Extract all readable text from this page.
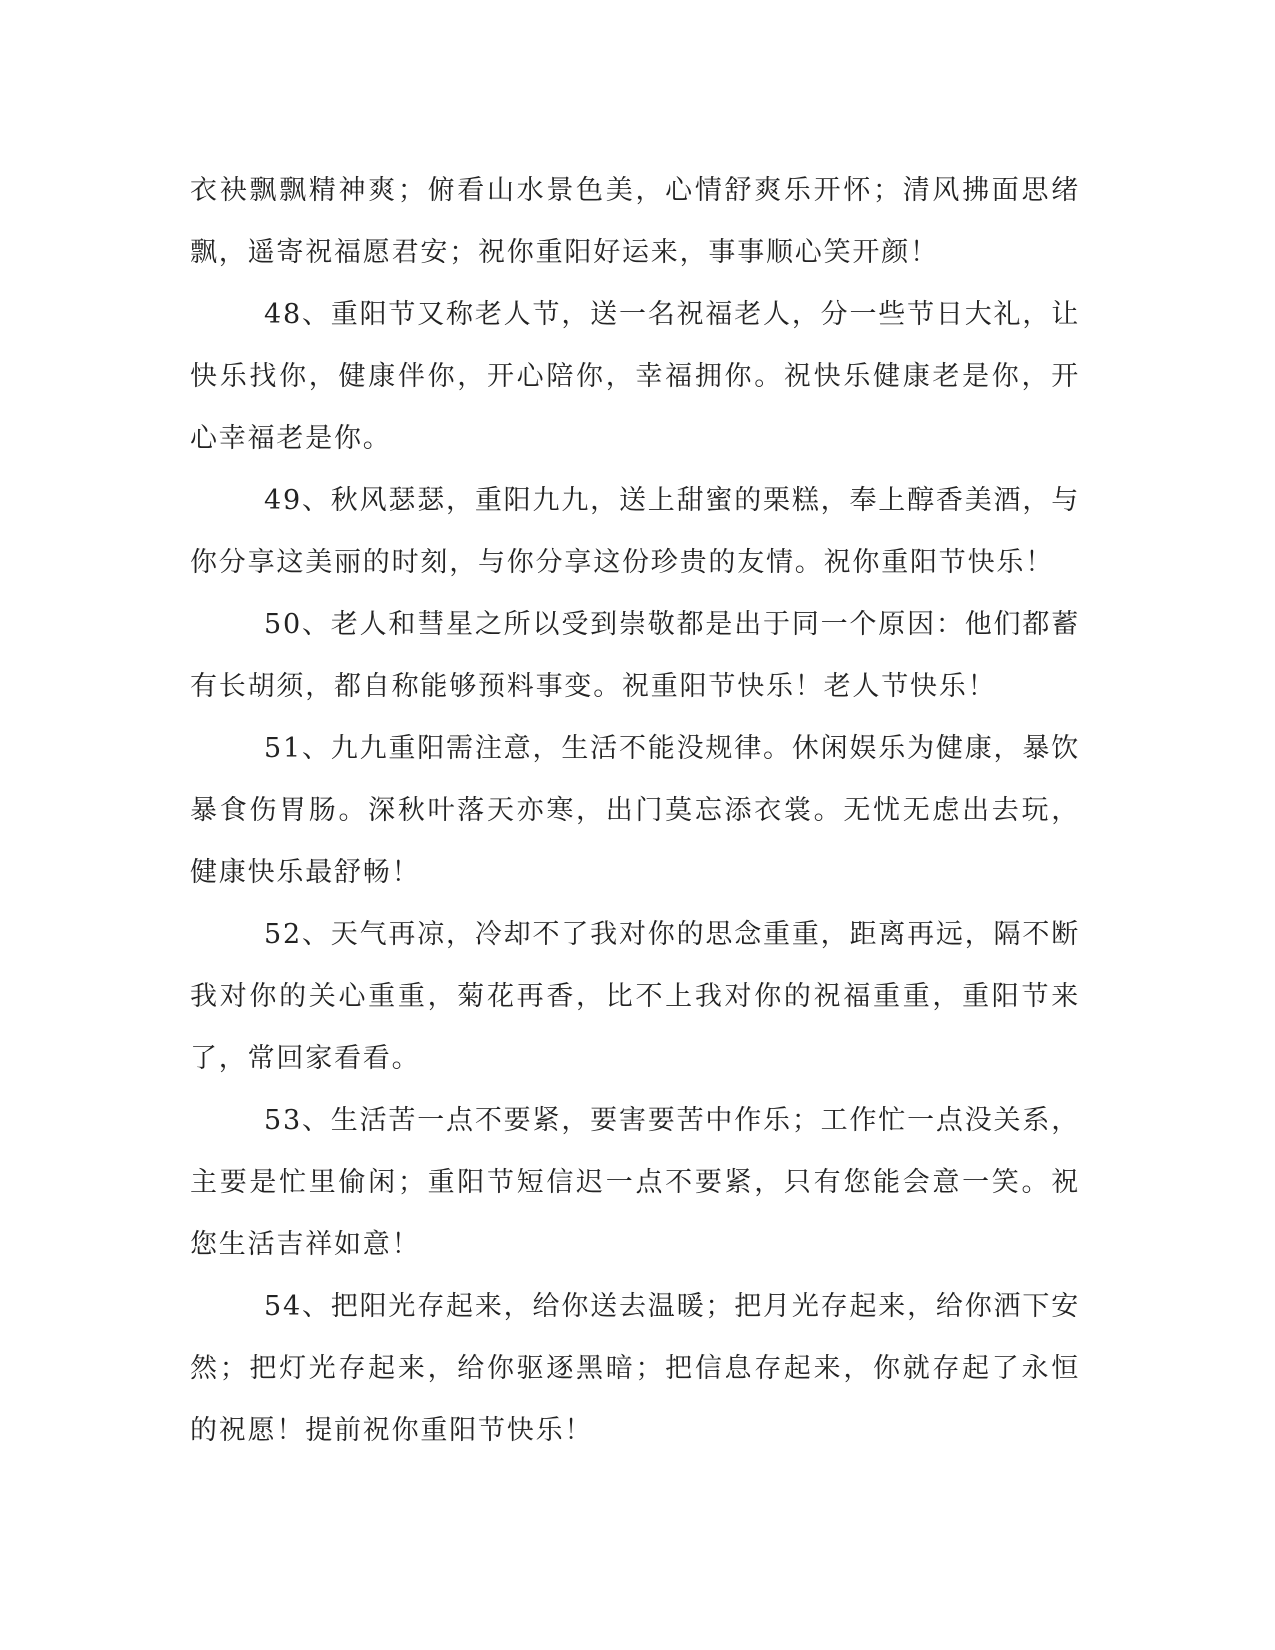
衣袂飘飘精神爽；俯看山水景色美，心情舒爽乐开怀；清风拂面思绪飘，遥寄祝福愿君安；祝你重阳好运来，事事顺心笑开颜！

48、重阳节又称老人节，送一名祝福老人，分一些节日大礼，让快乐找你，健康伴你，开心陪你，幸福拥你。祝快乐健康老是你，开心幸福老是你。

49、秋风瑟瑟，重阳九九，送上甜蜜的栗糕，奉上醇香美酒，与你分享这美丽的时刻，与你分享这份珍贵的友情。祝你重阳节快乐！

50、老人和彗星之所以受到崇敬都是出于同一个原因：他们都蓄有长胡须，都自称能够预料事变。祝重阳节快乐！老人节快乐！

51、九九重阳需注意，生活不能没规律。休闲娱乐为健康，暴饮暴食伤胃肠。深秋叶落天亦寒，出门莫忘添衣裳。无忧无虑出去玩，健康快乐最舒畅！

52、天气再凉，冷却不了我对你的思念重重，距离再远，隔不断我对你的关心重重，菊花再香，比不上我对你的祝福重重，重阳节来了，常回家看看。

53、生活苦一点不要紧，要害要苦中作乐；工作忙一点没关系，主要是忙里偷闲；重阳节短信迟一点不要紧，只有您能会意一笑。祝您生活吉祥如意！

54、把阳光存起来，给你送去温暖；把月光存起来，给你洒下安然；把灯光存起来，给你驱逐黑暗；把信息存起来，你就存起了永恒的祝愿！提前祝你重阳节快乐！
